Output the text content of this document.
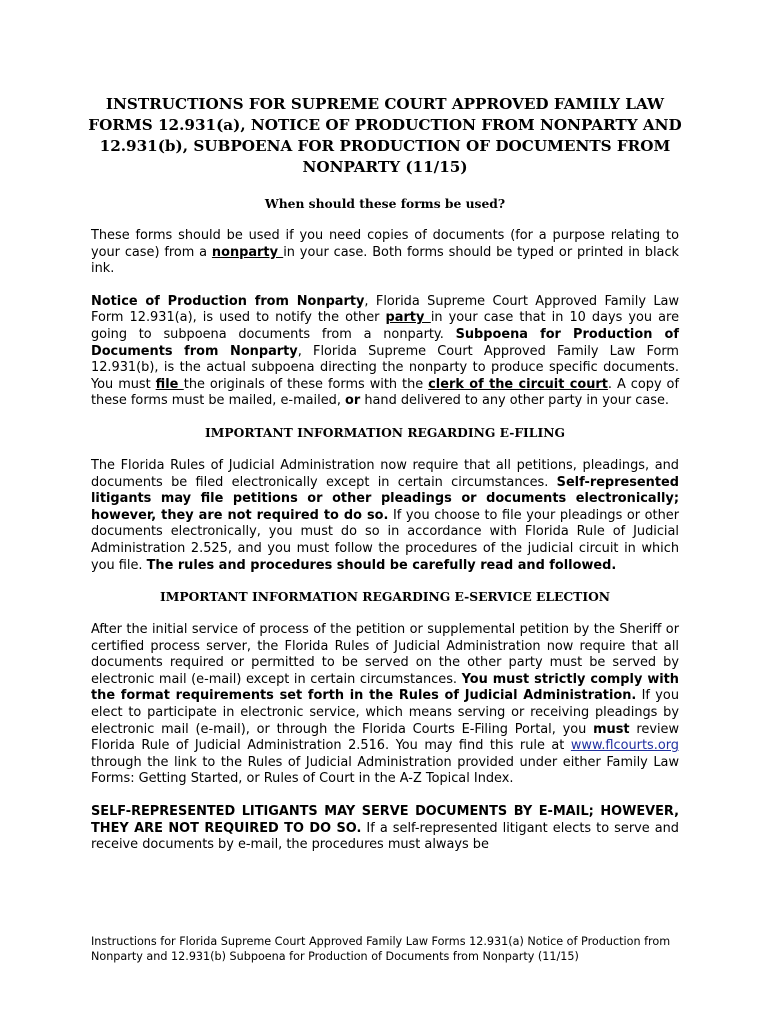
INSTRUCTIONS FOR SUPREME COURT APPROVED FAMILY LAW FORMS 12.931(a), NOTICE OF PRODUCTION FROM NONPARTY AND 12.931(b), SUBPOENA FOR PRODUCTION OF DOCUMENTS FROM NONPARTY (11/15)
When should these forms be used?

These forms should be used if you need copies of documents (for a purpose relating to your case) from a nonparty in your case. Both forms should be typed or printed in black ink.

Notice of Production from Nonparty, Florida Supreme Court Approved Family Law Form 12.931(a), is used to notify the other party in your case that in 10 days you are going to subpoena documents from a nonparty. Subpoena for Production of Documents from Nonparty, Florida Supreme Court Approved Family Law Form 12.931(b), is the actual subpoena directing the nonparty to produce specific documents. You must file the originals of these forms with the clerk of the circuit court. A copy of these forms must be mailed, e-mailed, or hand delivered to any other party in your case.

IMPORTANT INFORMATION REGARDING E-FILING

The Florida Rules of Judicial Administration now require that all petitions, pleadings, and documents be filed electronically except in certain circumstances. Self-represented litigants may file petitions or other pleadings or documents electronically; however, they are not required to do so. If you choose to file your pleadings or other documents electronically, you must do so in accordance with Florida Rule of Judicial Administration 2.525, and you must follow the procedures of the judicial circuit in which you file. The rules and procedures should be carefully read and followed.

IMPORTANT INFORMATION REGARDING E-SERVICE ELECTION

After the initial service of process of the petition or supplemental petition by the Sheriff or certified process server, the Florida Rules of Judicial Administration now require that all documents required or permitted to be served on the other party must be served by electronic mail (e-mail) except in certain circumstances. You must strictly comply with the format requirements set forth in the Rules of Judicial Administration. If you elect to participate in electronic service, which means serving or receiving pleadings by electronic mail (e-mail), or through the Florida Courts E-Filing Portal, you must review Florida Rule of Judicial Administration 2.516. You may find this rule at www.flcourts.org through the link to the Rules of Judicial Administration provided under either Family Law Forms: Getting Started, or Rules of Court in the A-Z Topical Index.

SELF-REPRESENTED LITIGANTS MAY SERVE DOCUMENTS BY E-MAIL; HOWEVER, THEY ARE NOT REQUIRED TO DO SO. If a self-represented litigant elects to serve and receive documents by e-mail, the procedures must always be

Instructions for Florida Supreme Court Approved Family Law Forms 12.931(a) Notice of Production from Nonparty and 12.931(b) Subpoena for Production of Documents from Nonparty (11/15)
